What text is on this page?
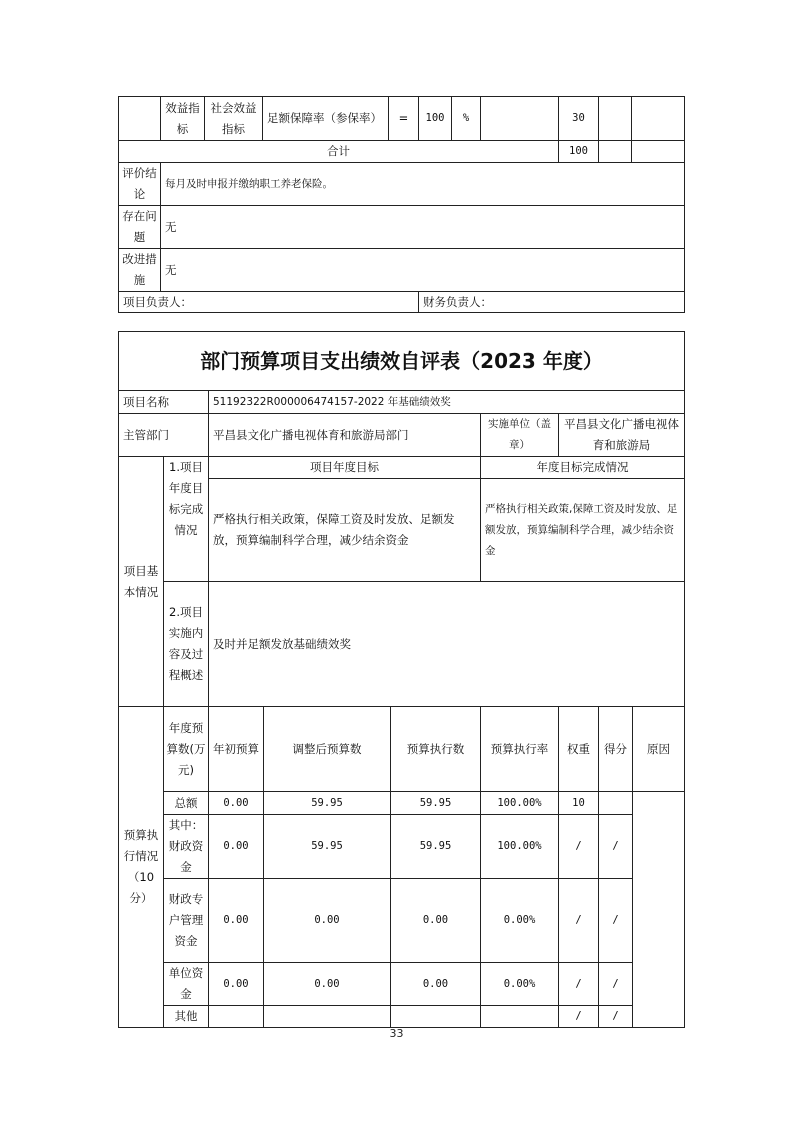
	效益指标	社会效益指标	足额保障率（参保率）	=	100	%		30		
合计								100		
评价结论	每月及时申报并缴纳职工养老保险。									
存在问题	无									
改进措施	无									
项目负责人：					财务负责人：					
部门预算项目支出绩效自评表（2023 年度）								
项目名称		51192322R000006474157-2022 年基础绩效奖						
主管部门		平昌县文化广播电视体育和旅游局部门			实施单位（盖章）	平昌县文化广播电视体育和旅游局		
项目基本情况	1.项目年度目标完成情况	项目年度目标			年度目标完成情况			
		严格执行相关政策，保障工资及时发放、足额发放，预算编制科学合理，减少结余资金			严格执行相关政策,保障工资及时发放、足额发放，预算编制科学合理，减少结余资金			
	2.项目实施内容及过程概述	及时并足额发放基础绩效奖						
预算执行情况（10分）	年度预算数(万元)	年初预算	调整后预算数	预算执行数	预算执行率	权重	得分	原因
	总额	0.00	59.95	59.95	100.00%	10		
	其中：财政资金	0.00	59.95	59.95	100.00%	/	/	
	财政专户管理资金	0.00	0.00	0.00	0.00%	/	/	
	单位资金	0.00	0.00	0.00	0.00%	/	/	
	其他					/	/	
33
